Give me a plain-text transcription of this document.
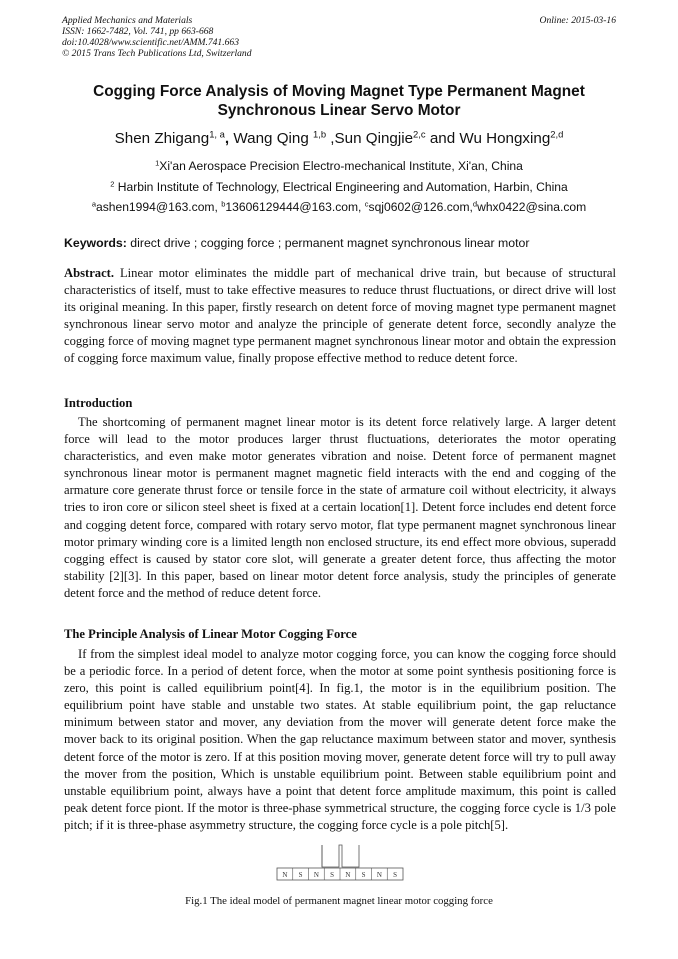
Applied Mechanics and Materials
ISSN: 1662-7482, Vol. 741, pp 663-668
doi:10.4028/www.scientific.net/AMM.741.663
© 2015 Trans Tech Publications Ltd, Switzerland
Online: 2015-03-16
Cogging Force Analysis of Moving Magnet Type Permanent Magnet
Synchronous Linear Servo Motor
Shen Zhigang$^{1, a}$, Wang Qing $^{1,b}$ ,Sun Qingjie$^{2,c}$ and Wu Hongxing$^{2,d}$
$^1$Xi'an Aerospace Precision Electro-mechanical Institute, Xi'an, China
$^2$ Harbin Institute of Technology, Electrical Engineering and Automation, Harbin, China
$^a$ashen1994@163.com, $^b$13606129444@163.com, $^c$sqj0602@126.com,$^d$whx0422@sina.com
Keywords: direct drive ; cogging force ; permanent magnet synchronous linear motor
Abstract. Linear motor eliminates the middle part of mechanical drive train, but because of structural characteristics of itself, must to take effective measures to reduce thrust fluctuations, or direct drive will lost its original meaning. In this paper, firstly research on detent force of moving magnet type permanent magnet synchronous linear servo motor and analyze the principle of generate detent force, secondly analyze the cogging force of moving magnet type permanent magnet synchronous linear motor and obtain the expression of cogging force maximum value, finally propose effective method to reduce detent force.
Introduction
The shortcoming of permanent magnet linear motor is its detent force relatively large. A larger detent force will lead to the motor produces larger thrust fluctuations, deteriorates the motor operating characteristics, and even make motor generates vibration and noise. Detent force of permanent magnet synchronous linear motor is permanent magnet magnetic field interacts with the end and cogging of the armature core generate thrust force or tensile force in the state of armature coil without electricity, it always tries to iron core or silicon steel sheet is fixed at a certain location[1]. Detent force includes end detent force and cogging detent force, compared with rotary servo motor, flat type permanent magnet synchronous linear motor primary winding core is a limited length non enclosed structure, its end effect more obvious, superadd cogging effect is caused by stator core slot, will generate a greater detent force, thus affecting the motor stability [2][3]. In this paper, based on linear motor detent force analysis, study the principles of generate detent force and the method of reduce detent force.
The Principle Analysis of Linear Motor Cogging Force
If from the simplest ideal model to analyze motor cogging force, you can know the cogging force should be a periodic force. In a period of detent force, when the motor at some point synthesis positioning force is zero, this point is called equilibrium point[4]. In fig.1, the motor is in the equilibrium position. The equilibrium point have stable and unstable two states. At stable equilibrium point, the gap reluctance minimum between stator and mover, any deviation from the mover will generate detent force make the mover back to its original position. When the gap reluctance maximum between stator and mover, synthesis detent force of the motor is zero. If at this position moving mover, generate detent force will try to pull away the mover from the position, Which is unstable equilibrium point. Between stable equilibrium point and unstable equilibrium point, always have a point that detent force amplitude maximum, this point is called peak detent force piont. If the motor is three-phase symmetrical structure, the cogging force cycle is 1/3 pole pitch; if it is three-phase asymmetry structure, the cogging force cycle is a pole pitch[5].
N S N S N S N S
Fig.1 The ideal model of permanent magnet linear motor cogging force
